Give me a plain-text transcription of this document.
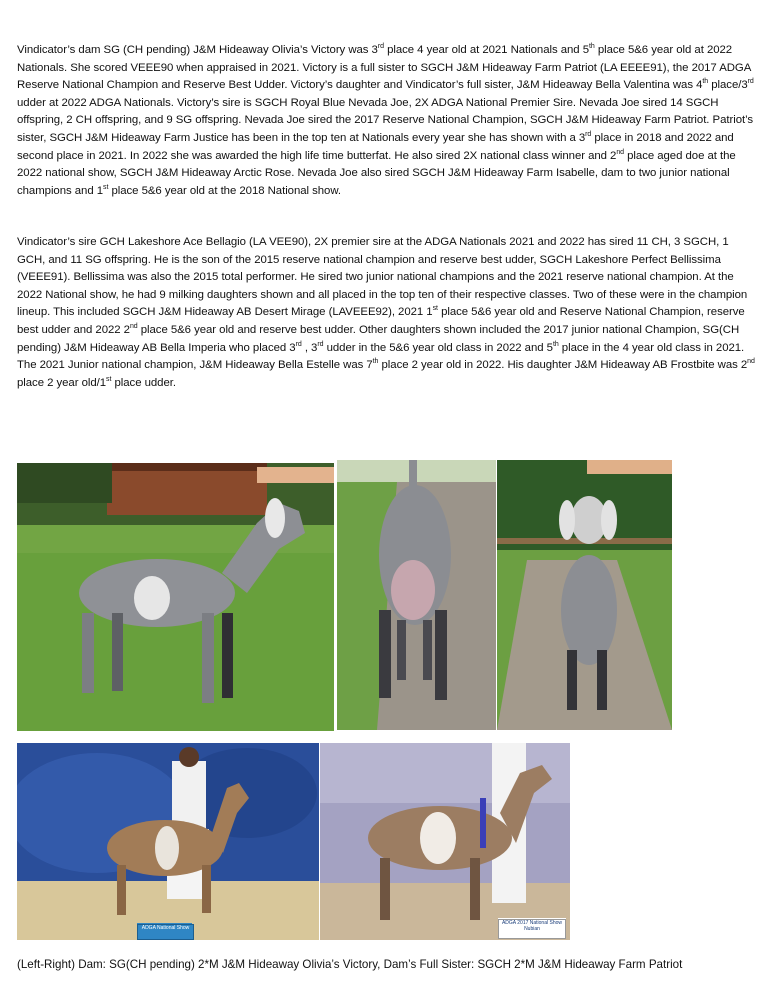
Vindicator’s dam SG (CH pending) J&M Hideaway Olivia’s Victory was 3rd place 4 year old at 2021 Nationals and 5th place 5&6 year old at 2022 Nationals. She scored VEEE90 when appraised in 2021. Victory is a full sister to SGCH J&M Hideaway Farm Patriot (LA EEEE91), the 2017 ADGA Reserve National Champion and Reserve Best Udder. Victory’s daughter and Vindicator’s full sister, J&M Hideaway Bella Valentina was 4th place/3rd udder at 2022 ADGA Nationals. Victory’s sire is SGCH Royal Blue Nevada Joe, 2X ADGA National Premier Sire. Nevada Joe sired 14 SGCH offspring, 2 CH offspring, and 9 SG offspring. Nevada Joe sired the 2017 Reserve National Champion, SGCH J&M Hideaway Farm Patriot. Patriot’s sister, SGCH J&M Hideaway Farm Justice has been in the top ten at Nationals every year she has shown with a 3rd place in 2018 and 2022 and second place in 2021. In 2022 she was awarded the high life time butterfat. He also sired 2X national class winner and 2nd place aged doe at the 2022 national show, SGCH J&M Hideaway Arctic Rose. Nevada Joe also sired SGCH J&M Hideaway Farm Isabelle, dam to two junior national champions and 1st place 5&6 year old at the 2018 National show.

Vindicator’s sire GCH Lakeshore Ace Bellagio (LA VEE90), 2X premier sire at the ADGA Nationals 2021 and 2022 has sired 11 CH, 3 SGCH, 1 GCH, and 11 SG offspring. He is the son of the 2015 reserve national champion and reserve best udder, SGCH Lakeshore Perfect Bellissima (VEEE91). Bellissima was also the 2015 total performer. He sired two junior national champions and the 2021 reserve national champion. At the 2022 National show, he had 9 milking daughters shown and all placed in the top ten of their respective classes. Two of these were in the champion lineup. This included SGCH J&M Hideaway AB Desert Mirage (LAVEEE92), 2021 1st place 5&6 year old and Reserve National Champion, reserve best udder and 2022 2nd place 5&6 year old and reserve best udder. Other daughters shown included the 2017 junior national Champion, SG(CH pending) J&M Hideaway AB Bella Imperia who placed 3rd , 3rd udder in the 5&6 year old class in 2022 and 5th place in the 4 year old class in 2021. The 2021 Junior national champion, J&M Hideaway Bella Estelle was 7th place 2 year old in 2022. His daughter J&M Hideaway AB Frostbite was 2nd place 2 year old/1st place udder.

ADGA National Show
ADGA 2017 National Show Nubian
(Left-Right) Dam: SG(CH pending) 2*M J&M Hideaway Olivia’s Victory, Dam’s Full Sister: SGCH 2*M J&M Hideaway Farm Patriot
